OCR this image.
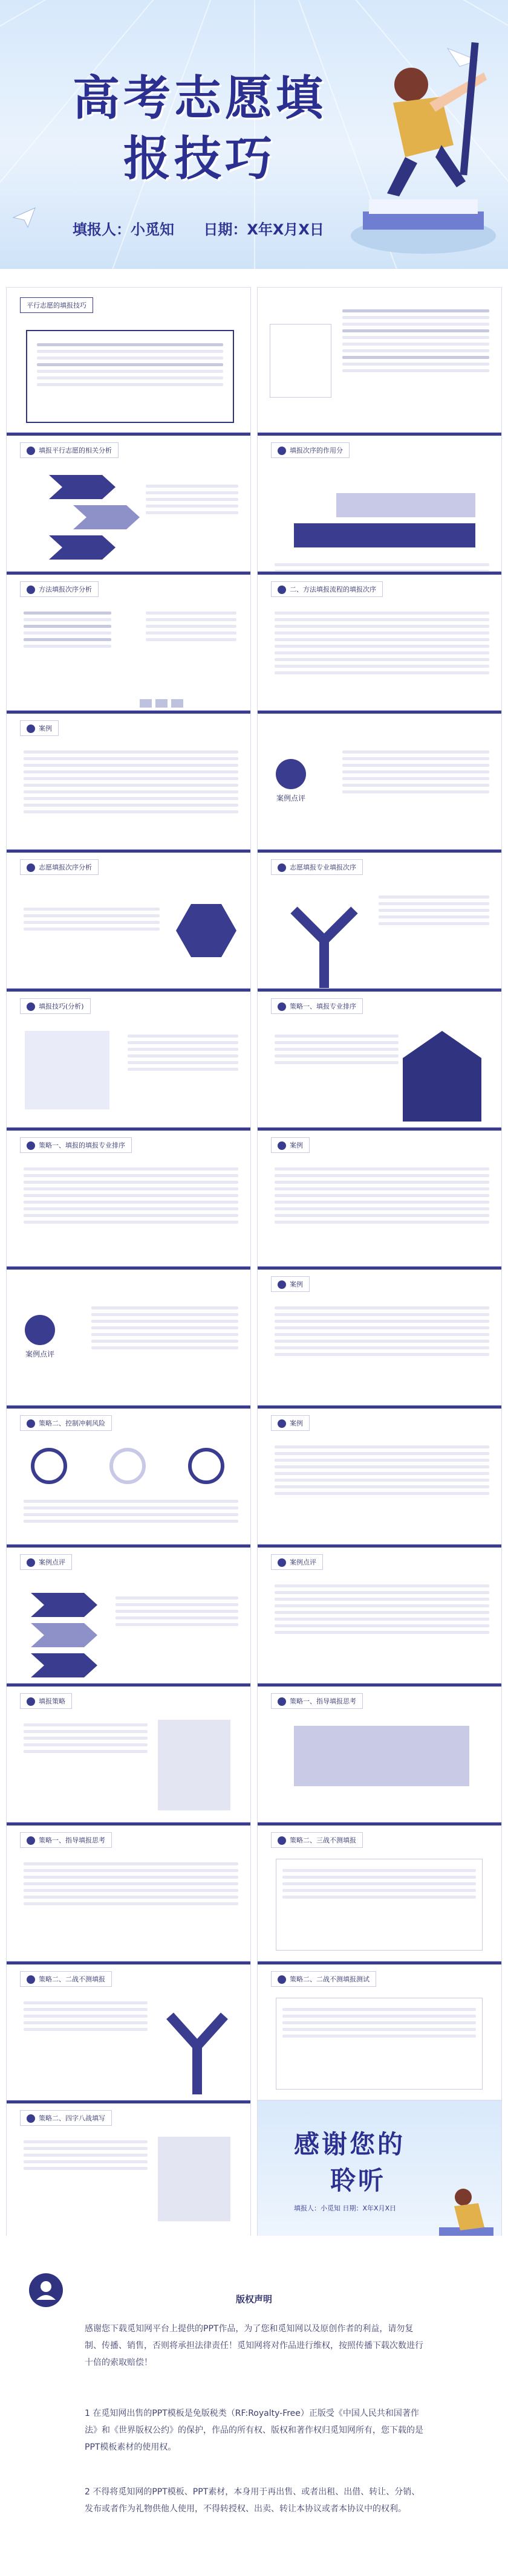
高考志愿填
报技巧
填报人：小觅知 日期：X年X月X日
平行志愿的填报技巧
填报平行志愿的相关分析	填报次序的作用分
方法填报次序分析	二、方法填报流程的填报次序
案例
案例点评
志愿填报次序分析	志愿填报专业填报次序
填报技巧(分析)	策略一、填报专业排序
策略一、填报的填报专业排序	案例
案例点评
案例
策略二、控制冲刺风险	案例
案例点评	案例点评
填报策略	策略一、指导填报思考
策略一、指导填报思考	策略二、三战不测填报
策略二、二战不测填报	策略二、二战不测填报测试
策略二、四字八战填写
感谢您的
聆听
填报人：小觅知 日期：X年X月X日
版权声明

感谢您下载觅知网平台上提供的PPT作品，为了您和觅知网以及原创作者的利益，请勿复制、传播、销售，否则将承担法律责任！觅知网将对作品进行维权，按照传播下载次数进行十倍的索取赔偿！

1 在觅知网出售的PPT模板是免版税类（RF:Royalty-Free）正版受《中国人民共和国著作法》和《世界版权公约》的保护，作品的所有权、版权和著作权归觅知网所有，您下载的是PPT模板素材的使用权。

2 不得将觅知网的PPT模板、PPT素材，本身用于再出售、或者出租、出借、转让、分销、发布或者作为礼物供他人使用，不得转授权、出卖、转让本协议或者本协议中的权利。
